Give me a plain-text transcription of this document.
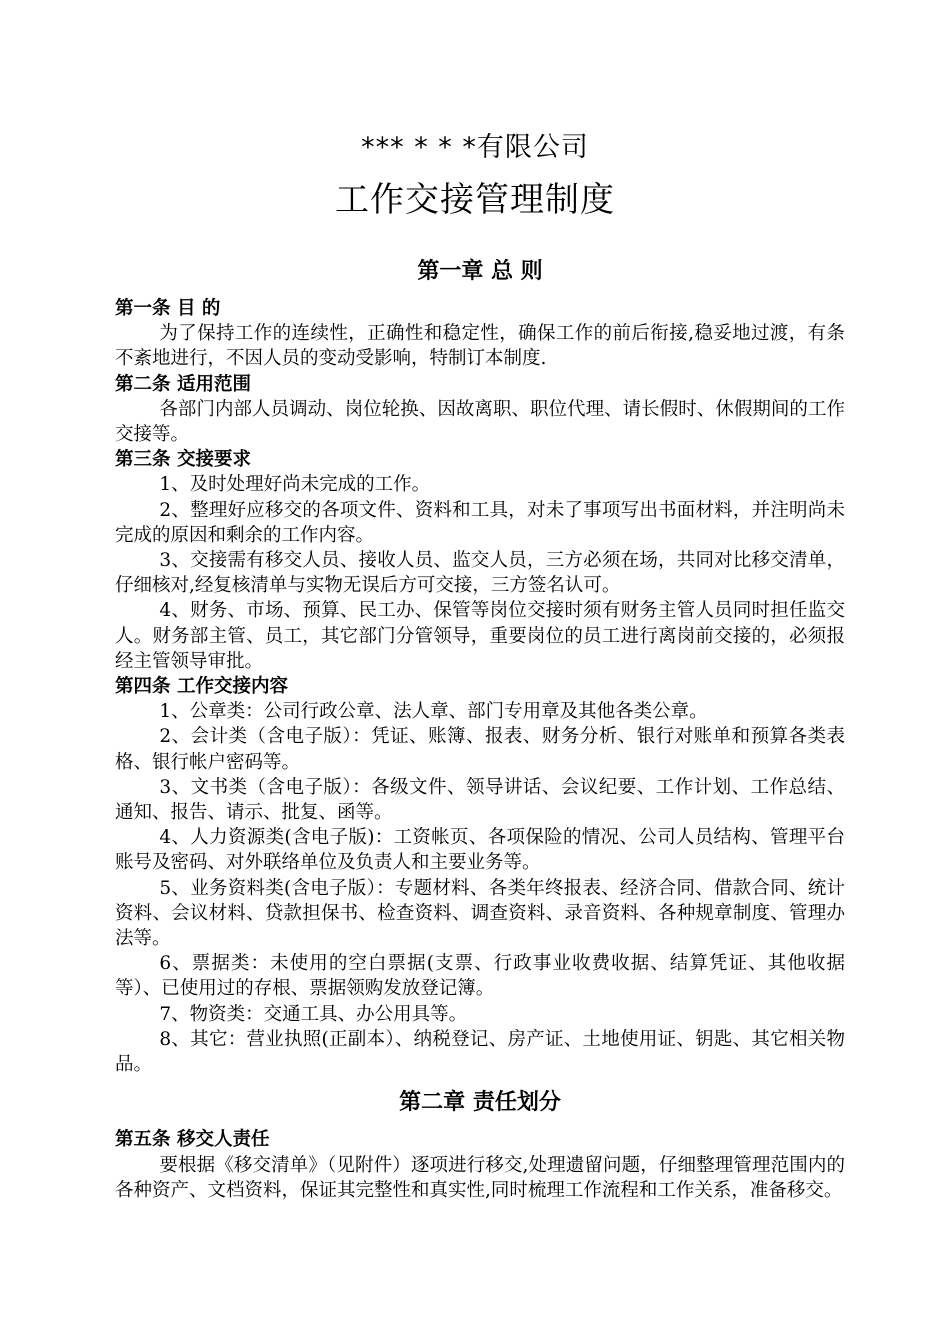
*** * * *有限公司
工作交接管理制度
第一章 总 则
第一条 目 的

为了保持工作的连续性，正确性和稳定性，确保工作的前后衔接,稳妥地过渡，有条不紊地进行，不因人员的变动受影响，特制订本制度.

第二条 适用范围

各部门内部人员调动、岗位轮换、因故离职、职位代理、请长假时、休假期间的工作交接等。

第三条 交接要求

1、及时处理好尚未完成的工作。

2、整理好应移交的各项文件、资料和工具，对未了事项写出书面材料，并注明尚未完成的原因和剩余的工作内容。

3、交接需有移交人员、接收人员、监交人员，三方必须在场，共同对比移交清单，仔细核对,经复核清单与实物无误后方可交接，三方签名认可。

4、财务、市场、预算、民工办、保管等岗位交接时须有财务主管人员同时担任监交人。财务部主管、员工，其它部门分管领导，重要岗位的员工进行离岗前交接的，必须报经主管领导审批。

第四条 工作交接内容

1、公章类：公司行政公章、法人章、部门专用章及其他各类公章。

2、会计类（含电子版）：凭证、账簿、报表、财务分析、银行对账单和预算各类表格、银行帐户密码等。

3、文书类（含电子版）：各级文件、领导讲话、会议纪要、工作计划、工作总结、通知、报告、请示、批复、函等。

4、人力资源类(含电子版)：工资帐页、各项保险的情况、公司人员结构、管理平台账号及密码、对外联络单位及负责人和主要业务等。

5、业务资料类(含电子版）：专题材料、各类年终报表、经济合同、借款合同、统计资料、会议材料、贷款担保书、检查资料、调查资料、录音资料、各种规章制度、管理办法等。

6、票据类：未使用的空白票据(支票、行政事业收费收据、结算凭证、其他收据等）、已使用过的存根、票据领购发放登记簿。

7、物资类：交通工具、办公用具等。

8、其它：营业执照(正副本）、纳税登记、房产证、土地使用证、钥匙、其它相关物品。

第二章 责任划分
第五条 移交人责任

要根据《移交清单》（见附件）逐项进行移交,处理遗留问题，仔细整理管理范围内的各种资产、文档资料，保证其完整性和真实性,同时梳理工作流程和工作关系，准备移交。
